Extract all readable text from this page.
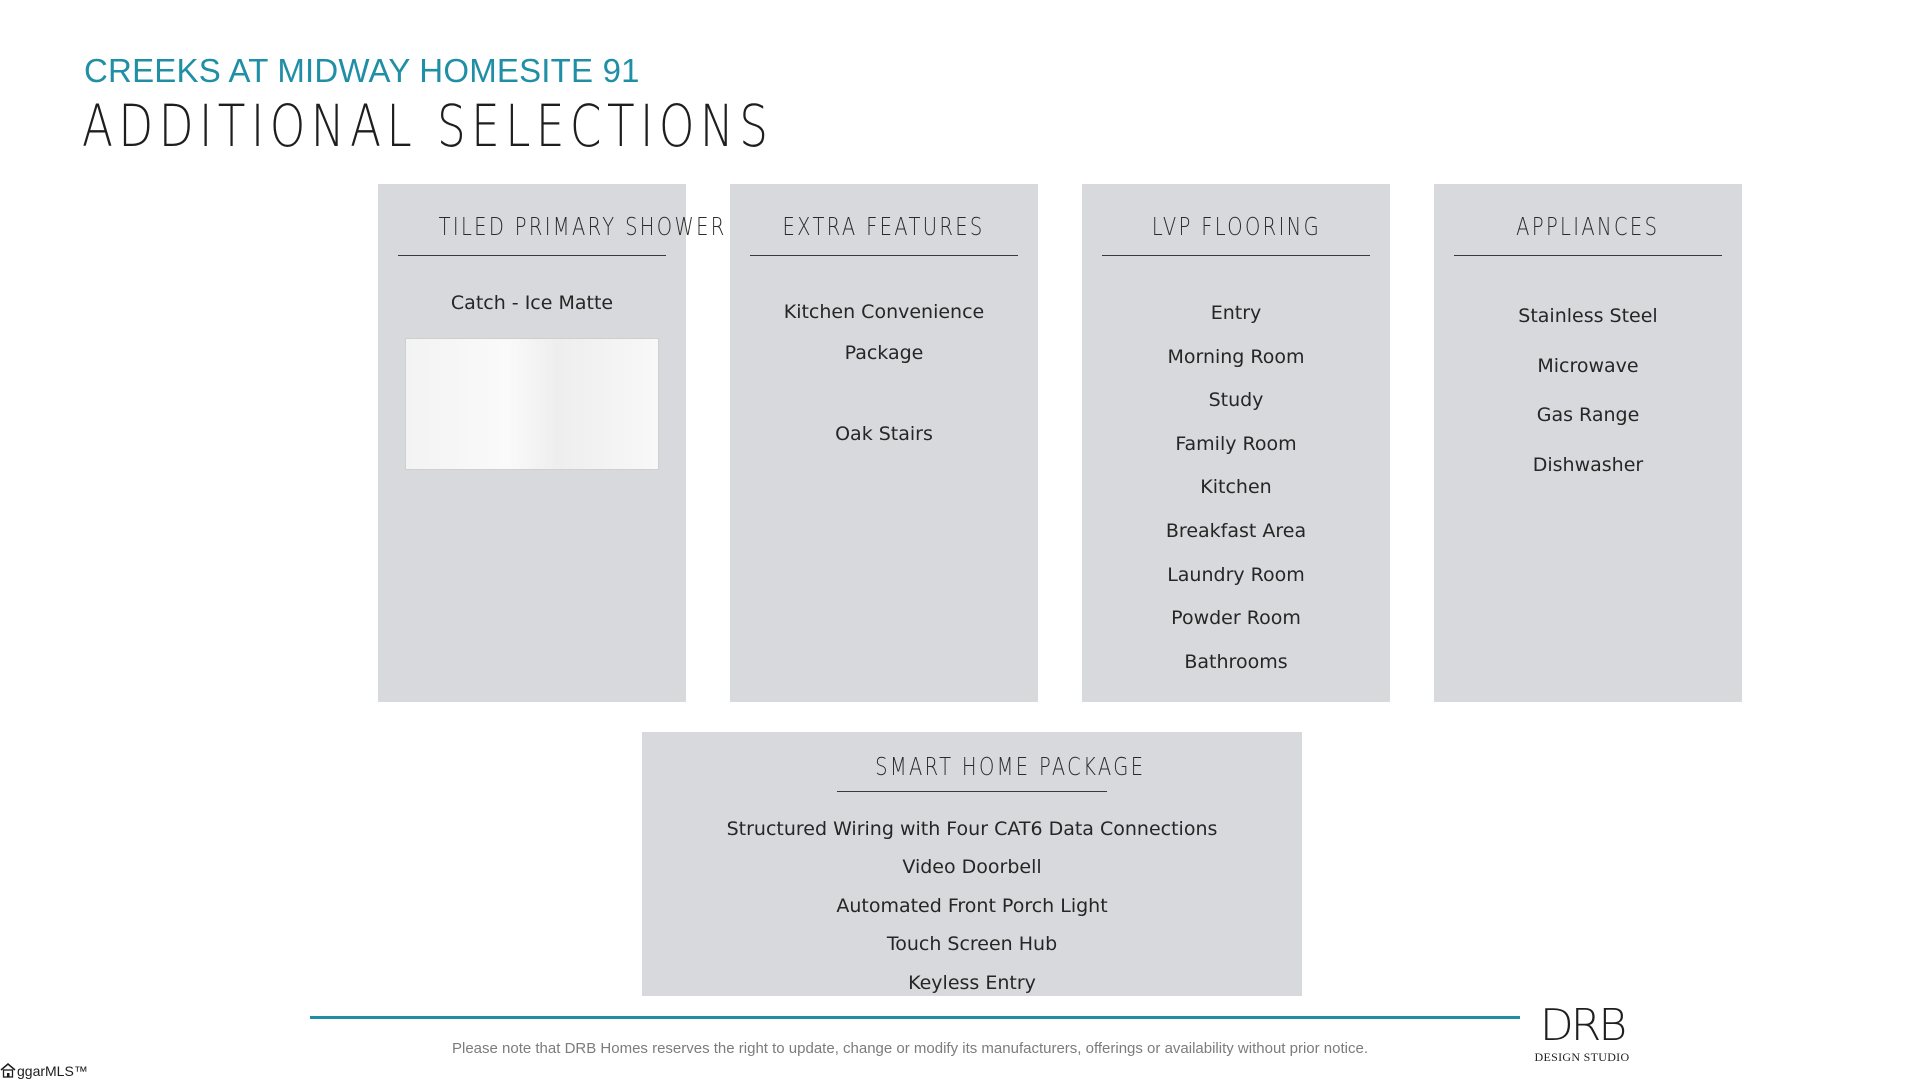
CREEKS AT MIDWAY HOMESITE 91
ADDITIONAL SELECTIONS
TILED PRIMARY SHOWER
Catch - Ice Matte
EXTRA FEATURES
Kitchen Convenience
Package
Oak Stairs
LVP FLOORING
Entry
Morning Room
Study
Family Room
Kitchen
Breakfast Area
Laundry Room
Powder Room
Bathrooms
APPLIANCES
Stainless Steel
Microwave
Gas Range
Dishwasher
SMART HOME PACKAGE
Structured Wiring with Four CAT6 Data Connections
Video Doorbell
Automated Front Porch Light
Touch Screen Hub
Keyless Entry

Please note that DRB Homes reserves the right to update, change or modify its manufacturers, offerings or availability without prior notice.	DRB
DESIGN STUDIO
ggarMLS™
